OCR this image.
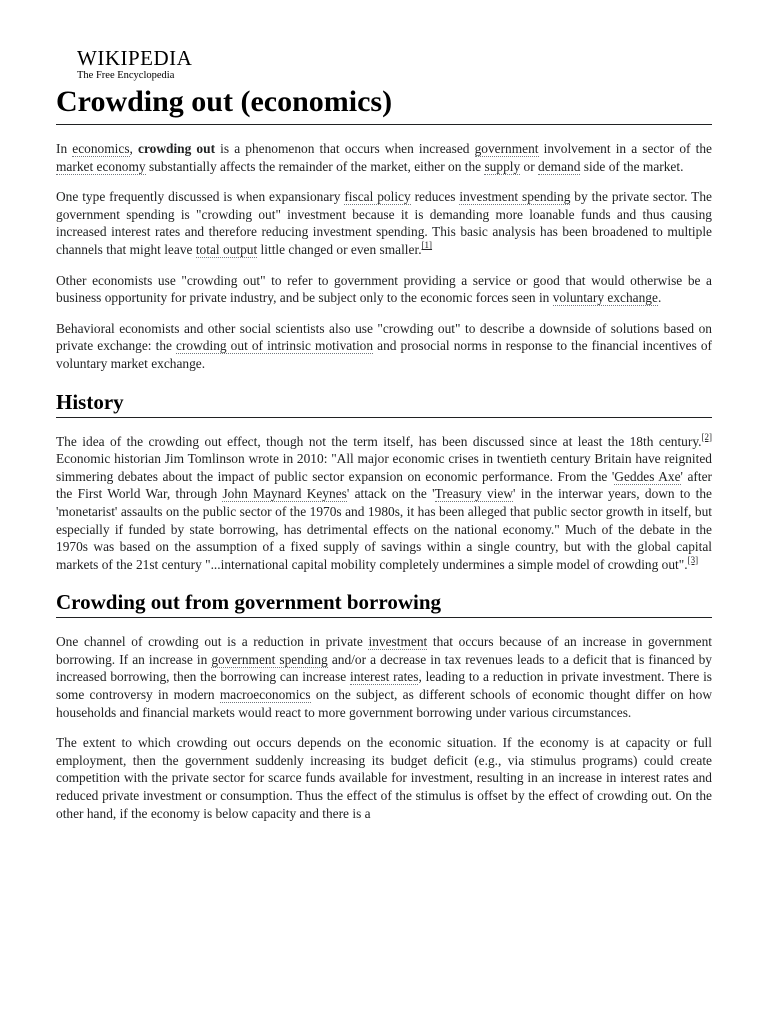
WIKIPEDIA
The Free Encyclopedia
Crowding out (economics)

In economics, crowding out is a phenomenon that occurs when increased government involvement in a sector of the market economy substantially affects the remainder of the market, either on the supply or demand side of the market.

One type frequently discussed is when expansionary fiscal policy reduces investment spending by the private sector. The government spending is "crowding out" investment because it is demanding more loanable funds and thus causing increased interest rates and therefore reducing investment spending. This basic analysis has been broadened to multiple channels that might leave total output little changed or even smaller.[1]

Other economists use "crowding out" to refer to government providing a service or good that would otherwise be a business opportunity for private industry, and be subject only to the economic forces seen in voluntary exchange.

Behavioral economists and other social scientists also use "crowding out" to describe a downside of solutions based on private exchange: the crowding out of intrinsic motivation and prosocial norms in response to the financial incentives of voluntary market exchange.

History

The idea of the crowding out effect, though not the term itself, has been discussed since at least the 18th century.[2] Economic historian Jim Tomlinson wrote in 2010: "All major economic crises in twentieth century Britain have reignited simmering debates about the impact of public sector expansion on economic performance. From the 'Geddes Axe' after the First World War, through John Maynard Keynes' attack on the 'Treasury view' in the interwar years, down to the 'monetarist' assaults on the public sector of the 1970s and 1980s, it has been alleged that public sector growth in itself, but especially if funded by state borrowing, has detrimental effects on the national economy." Much of the debate in the 1970s was based on the assumption of a fixed supply of savings within a single country, but with the global capital markets of the 21st century "...international capital mobility completely undermines a simple model of crowding out".[3]

Crowding out from government borrowing

One channel of crowding out is a reduction in private investment that occurs because of an increase in government borrowing. If an increase in government spending and/or a decrease in tax revenues leads to a deficit that is financed by increased borrowing, then the borrowing can increase interest rates, leading to a reduction in private investment. There is some controversy in modern macroeconomics on the subject, as different schools of economic thought differ on how households and financial markets would react to more government borrowing under various circumstances.

The extent to which crowding out occurs depends on the economic situation. If the economy is at capacity or full employment, then the government suddenly increasing its budget deficit (e.g., via stimulus programs) could create competition with the private sector for scarce funds available for investment, resulting in an increase in interest rates and reduced private investment or consumption. Thus the effect of the stimulus is offset by the effect of crowding out. On the other hand, if the economy is below capacity and there is a
